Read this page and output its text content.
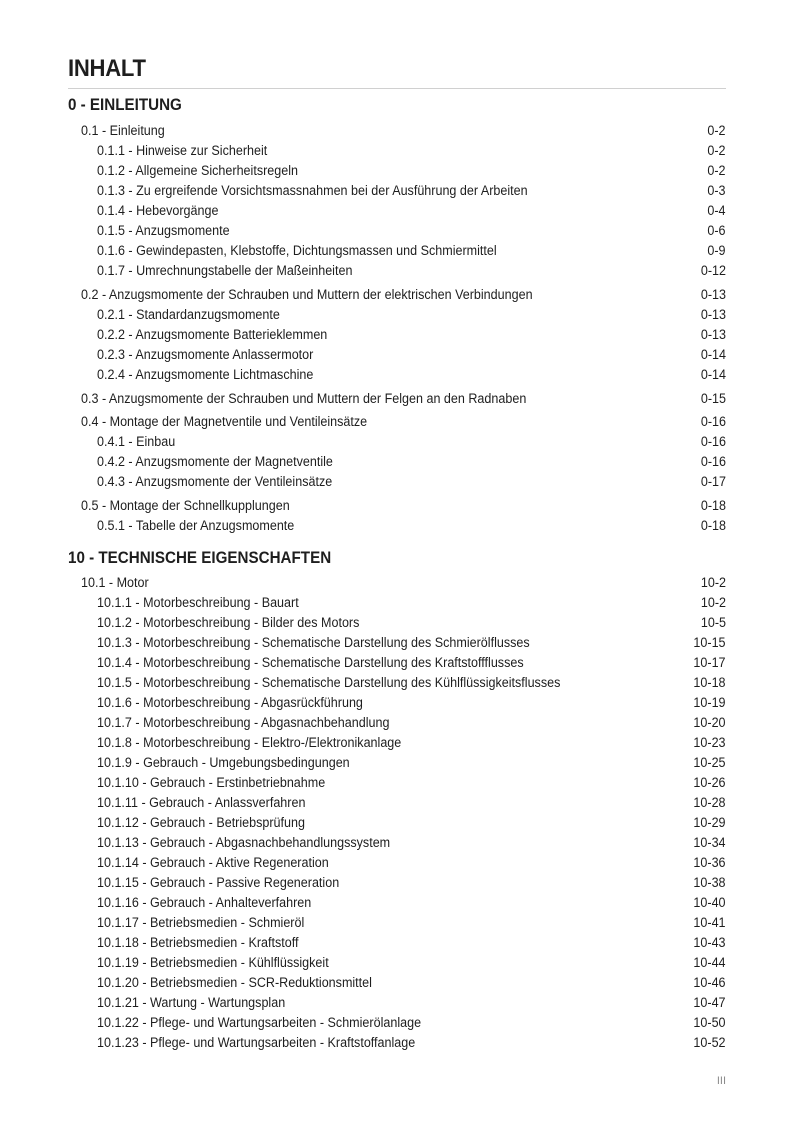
INHALT
0 - EINLEITUNG
0.1 - Einleitung	0-2
0.1.1 - Hinweise zur Sicherheit	0-2
0.1.2 - Allgemeine Sicherheitsregeln	0-2
0.1.3 - Zu ergreifende Vorsichtsmassnahmen bei der Ausführung der Arbeiten	0-3
0.1.4 - Hebevorgänge	0-4
0.1.5 - Anzugsmomente	0-6
0.1.6 - Gewindepasten, Klebstoffe, Dichtungsmassen und Schmiermittel	0-9
0.1.7 - Umrechnungstabelle der Maßeinheiten	0-12
0.2 - Anzugsmomente der Schrauben und Muttern der elektrischen Verbindungen	0-13
0.2.1 - Standardanzugsmomente	0-13
0.2.2 - Anzugsmomente Batterieklemmen	0-13
0.2.3 - Anzugsmomente Anlassermotor	0-14
0.2.4 - Anzugsmomente Lichtmaschine	0-14
0.3 - Anzugsmomente der Schrauben und Muttern der Felgen an den Radnaben	0-15
0.4 - Montage der Magnetventile und Ventileinsätze	0-16
0.4.1 - Einbau	0-16
0.4.2 - Anzugsmomente der Magnetventile	0-16
0.4.3 - Anzugsmomente der Ventileinsätze	0-17
0.5 - Montage der Schnellkupplungen	0-18
0.5.1 - Tabelle der Anzugsmomente	0-18
10 - TECHNISCHE EIGENSCHAFTEN
10.1 - Motor	10-2
10.1.1 - Motorbeschreibung - Bauart	10-2
10.1.2 - Motorbeschreibung - Bilder des Motors	10-5
10.1.3 - Motorbeschreibung - Schematische Darstellung des Schmierölflusses	10-15
10.1.4 - Motorbeschreibung - Schematische Darstellung des Kraftstoffflusses	10-17
10.1.5 - Motorbeschreibung - Schematische Darstellung des Kühlflüssigkeitsflusses	10-18
10.1.6 - Motorbeschreibung - Abgasrückführung	10-19
10.1.7 - Motorbeschreibung - Abgasnachbehandlung	10-20
10.1.8 - Motorbeschreibung - Elektro-/Elektronikanlage	10-23
10.1.9 - Gebrauch - Umgebungsbedingungen	10-25
10.1.10 - Gebrauch - Erstinbetriebnahme	10-26
10.1.11 - Gebrauch - Anlassverfahren	10-28
10.1.12 - Gebrauch - Betriebsprüfung	10-29
10.1.13 - Gebrauch - Abgasnachbehandlungssystem	10-34
10.1.14 - Gebrauch - Aktive Regeneration	10-36
10.1.15 - Gebrauch - Passive Regeneration	10-38
10.1.16 - Gebrauch - Anhalteverfahren	10-40
10.1.17 - Betriebsmedien - Schmieröl	10-41
10.1.18 - Betriebsmedien - Kraftstoff	10-43
10.1.19 - Betriebsmedien - Kühlflüssigkeit	10-44
10.1.20 - Betriebsmedien - SCR-Reduktionsmittel	10-46
10.1.21 - Wartung - Wartungsplan	10-47
10.1.22 - Pflege- und Wartungsarbeiten - Schmierölanlage	10-50
10.1.23 - Pflege- und Wartungsarbeiten - Kraftstoffanlage	10-52
III
